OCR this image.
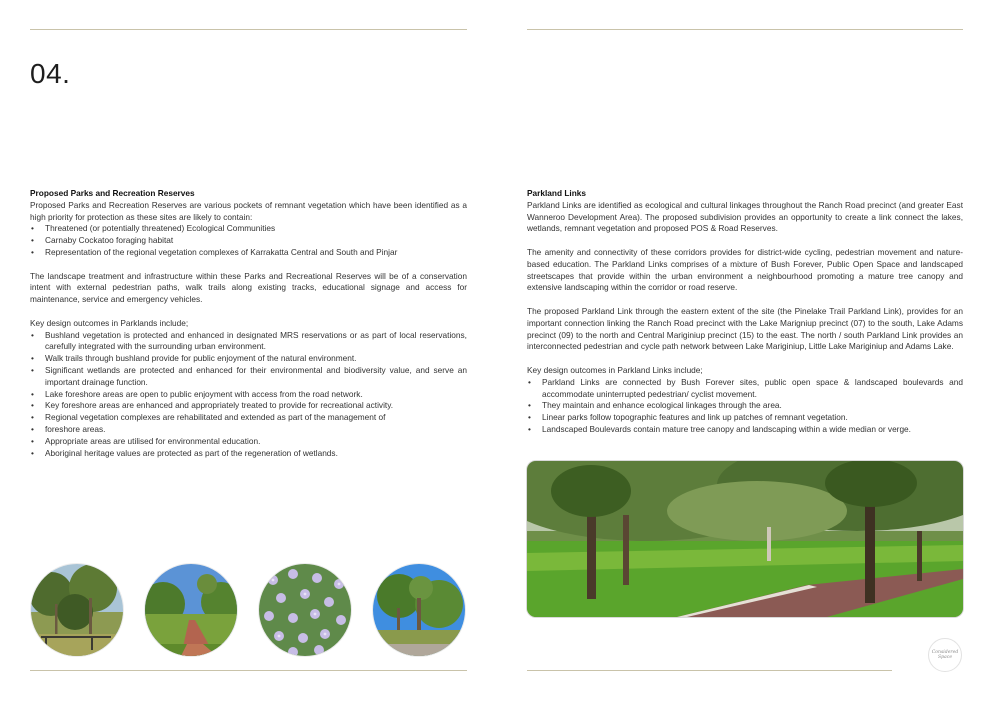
04.
Proposed Parks and Recreation Reserves

Proposed Parks and Recreation Reserves are various pockets of remnant vegetation which have been identified as a high priority for protection as these sites are likely to contain:

• Threatened (or potentially threatened) Ecological Communities
• Carnaby Cockatoo foraging habitat
• Representation of the regional vegetation complexes of Karrakatta Central and South and Pinjar

The landscape treatment and infrastructure within these Parks and Recreational Reserves will be of a conservation intent with external pedestrian paths, walk trails along existing tracks, educational signage and access for maintenance, service and emergency vehicles.

Key design outcomes in Parklands include;

• Bushland vegetation is protected and enhanced in designated MRS reservations or as part of local reservations, carefully integrated with the surrounding urban environment.
• Walk trails through bushland provide for public enjoyment of the natural environment.
• Significant wetlands are protected and enhanced for their environmental and biodiversity value, and serve an important drainage function.
• Lake foreshore areas are open to public enjoyment with access from the road network.
• Key foreshore areas are enhanced and appropriately treated to provide for recreational activity.
• Regional vegetation complexes are rehabilitated and extended as part of the management of
• foreshore areas.
• Appropriate areas are utilised for environmental education.
• Aboriginal heritage values are protected as part of the regeneration of wetlands.
Parkland Links

Parkland Links are identified as ecological and cultural linkages throughout the Ranch Road precinct (and greater East Wanneroo Development Area). The proposed subdivision provides an opportunity to create a link connect the lakes, wetlands, remnant vegetation and proposed POS & Road Reserves.

The amenity and connectivity of these corridors provides for district-wide cycling, pedestrian movement and nature-based education. The Parkland Links comprises of a mixture of Bush Forever, Public Open Space and landscaped streetscapes that provide within the urban environment a neighbourhood promoting a mature tree canopy and extensive landscaping within the corridor or road reserve.

The proposed Parkland Link through the eastern extent of the site (the Pinelake Trail Parkland Link), provides for an important connection linking the Ranch Road precinct with the Lake Marigniup precinct (07) to the south, Lake Adams precinct (09) to the north and Central Mariginiup precinct (15) to the east. The north / south Parkland Link provides an interconnected pedestrian and cycle path network between Lake Mariginiup, Little Lake Mariginiup and Adams Lake.

Key design outcomes in Parkland Links include;

• Parkland Links are connected by Bush Forever sites, public open space & landscaped boulevards and accommodate uninterrupted pedestrian/ cyclist movement.
• They maintain and enhance ecological linkages through the area.
• Linear parks follow topographic features and link up patches of remnant vegetation.
• Landscaped Boulevards contain mature tree canopy and landscaping within a wide median or verge.
Considered
Space
